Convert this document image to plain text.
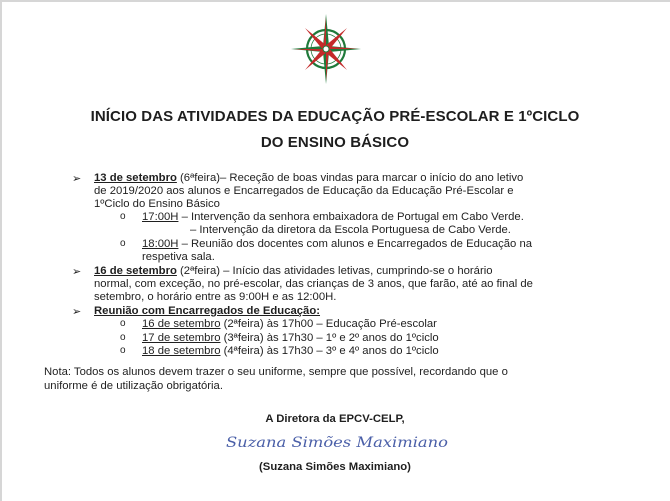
INÍCIO DAS ATIVIDADES DA EDUCAÇÃO PRÉ-ESCOLAR E 1ºCICLO
DO ENSINO BÁSICO
➢ 13 de setembro (6ªfeira)– Receção de boas vindas para marcar o início do ano letivo
de 2019/2020 aos alunos e Encarregados de Educação da Educação Pré-Escolar e
1ºCiclo do Ensino Básico
o 17:00H – Intervenção da senhora embaixadora de Portugal em Cabo Verde.
– Intervenção da diretora da Escola Portuguesa de Cabo Verde.
o 18:00H – Reunião dos docentes com alunos e Encarregados de Educação na
respetiva sala.
➢ 16 de setembro (2ªfeira) – Início das atividades letivas, cumprindo-se o horário
normal, com exceção, no pré-escolar, das crianças de 3 anos, que farão, até ao final de
setembro, o horário entre as 9:00H e as 12:00H.
➢ Reunião com Encarregados de Educação:
o 16 de setembro (2ªfeira) às 17h00 – Educação Pré-escolar
o 17 de setembro (3ªfeira) às 17h30 – 1º e 2º anos do 1ºciclo
o 18 de setembro (4ªfeira) às 17h30 – 3º e 4º anos do 1ºciclo
Nota: Todos os alunos devem trazer o seu uniforme, sempre que possível, recordando que o
uniforme é de utilização obrigatória.
A Diretora da EPCV-CELP,
Suzana Simões Maximiano
(Suzana Simões Maximiano)
